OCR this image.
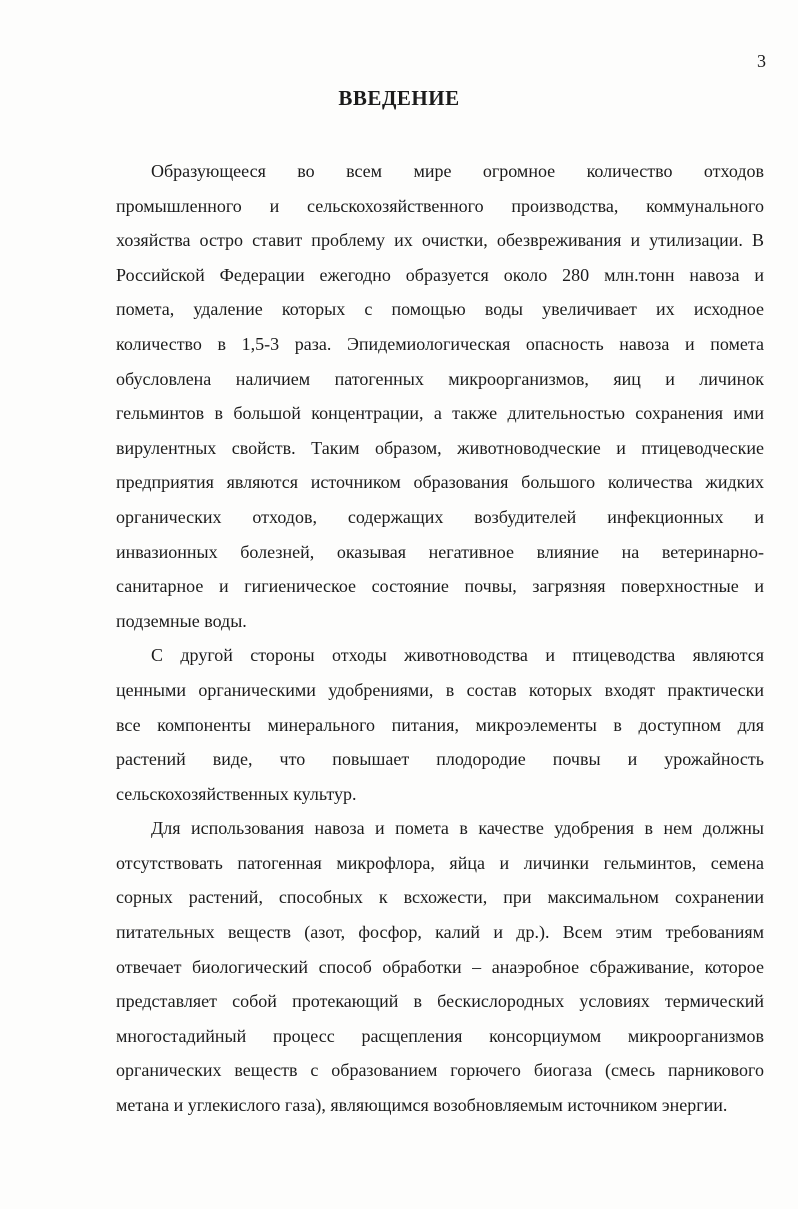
3
ВВЕДЕНИЕ
Образующееся во всем мире огромное количество отходов
промышленного и сельскохозяйственного производства, коммунального
хозяйства остро ставит проблему их очистки, обезвреживания и утилизации. В
Российской Федерации ежегодно образуется около 280 млн.тонн навоза и
помета, удаление которых с помощью воды увеличивает их исходное
количество в 1,5-3 раза. Эпидемиологическая опасность навоза и помета
обусловлена наличием патогенных микроорганизмов, яиц и личинок
гельминтов в большой концентрации, а также длительностью сохранения ими
вирулентных свойств. Таким образом, животноводческие и птицеводческие
предприятия являются источником образования большого количества жидких
органических отходов, содержащих возбудителей инфекционных и
инвазионных болезней, оказывая негативное влияние на ветеринарно-
санитарное и гигиеническое состояние почвы, загрязняя поверхностные и
подземные воды.
С другой стороны отходы животноводства и птицеводства являются
ценными органическими удобрениями, в состав которых входят практически
все компоненты минерального питания, микроэлементы в доступном для
растений виде, что повышает плодородие почвы и урожайность
сельскохозяйственных культур.
Для использования навоза и помета в качестве удобрения в нем должны
отсутствовать патогенная микрофлора, яйца и личинки гельминтов, семена
сорных растений, способных к всхожести, при максимальном сохранении
питательных веществ (азот, фосфор, калий и др.). Всем этим требованиям
отвечает биологический способ обработки – анаэробное сбраживание, которое
представляет собой протекающий в бескислородных условиях термический
многостадийный процесс расщепления консорциумом микроорганизмов
органических веществ с образованием горючего биогаза (смесь парникового
метана и углекислого газа), являющимся возобновляемым источником энергии.
